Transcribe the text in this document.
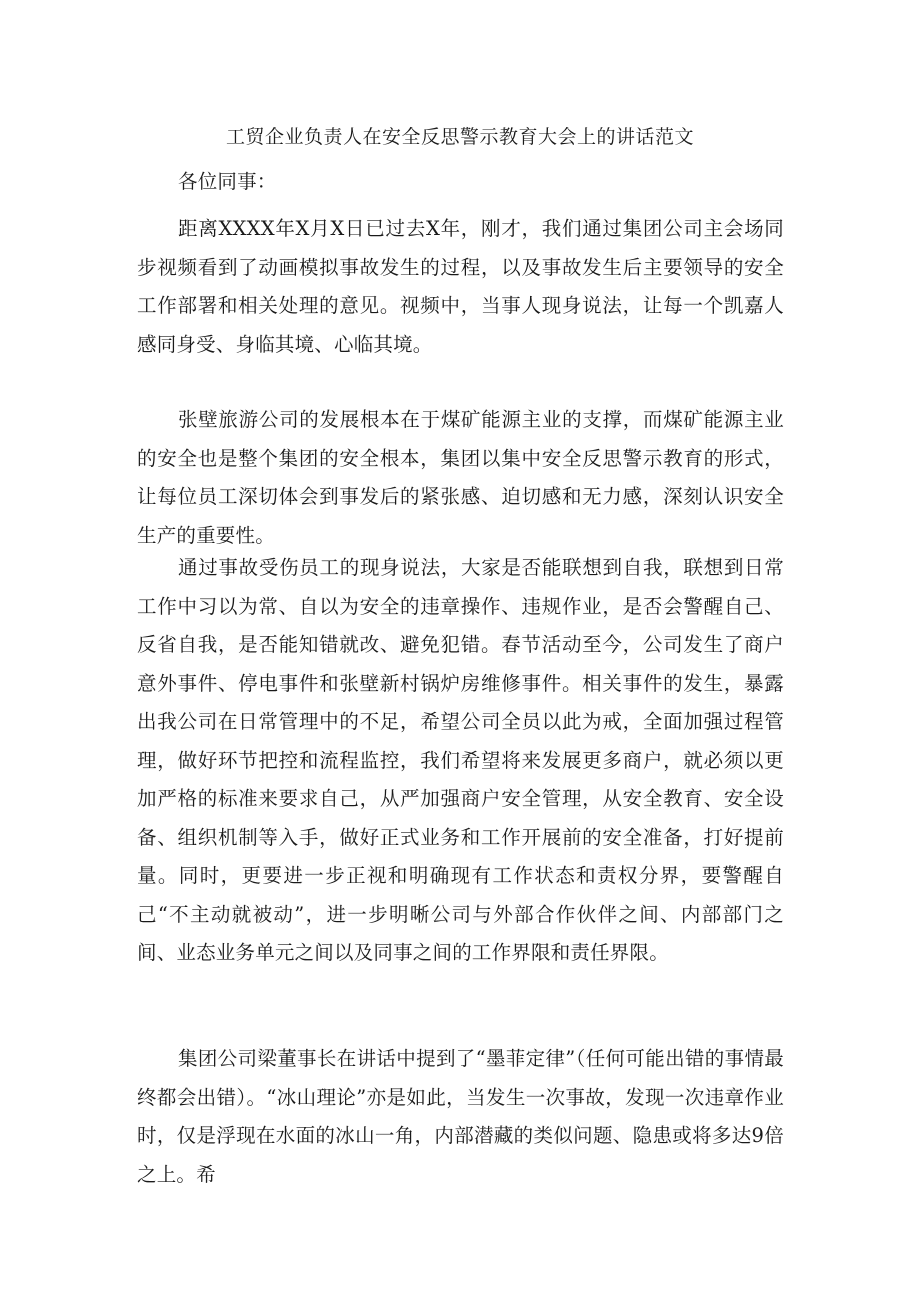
工贸企业负责人在安全反思警示教育大会上的讲话范文

各位同事：

距离XXXX年X月X日已过去X年，刚才，我们通过集团公司主会场同步视频看到了动画模拟事故发生的过程，以及事故发生后主要领导的安全工作部署和相关处理的意见。视频中，当事人现身说法，让每一个凯嘉人感同身受、身临其境、心临其境。

张壁旅游公司的发展根本在于煤矿能源主业的支撑，而煤矿能源主业的安全也是整个集团的安全根本，集团以集中安全反思警示教育的形式，让每位员工深切体会到事发后的紧张感、迫切感和无力感，深刻认识安全生产的重要性。

通过事故受伤员工的现身说法，大家是否能联想到自我，联想到日常工作中习以为常、自以为安全的违章操作、违规作业，是否会警醒自己、反省自我，是否能知错就改、避免犯错。春节活动至今，公司发生了商户意外事件、停电事件和张壁新村锅炉房维修事件。相关事件的发生，暴露出我公司在日常管理中的不足，希望公司全员以此为戒，全面加强过程管理，做好环节把控和流程监控，我们希望将来发展更多商户，就必须以更加严格的标准来要求自己，从严加强商户安全管理，从安全教育、安全设备、组织机制等入手，做好正式业务和工作开展前的安全准备，打好提前量。同时，更要进一步正视和明确现有工作状态和责权分界，要警醒自己“不主动就被动”，进一步明晰公司与外部合作伙伴之间、内部部门之间、业态业务单元之间以及同事之间的工作界限和责任界限。

集团公司梁董事长在讲话中提到了“墨菲定律”（任何可能出错的事情最终都会出错）。“冰山理论”亦是如此，当发生一次事故，发现一次违章作业时，仅是浮现在水面的冰山一角，内部潜藏的类似问题、隐患或将多达9倍之上。希
